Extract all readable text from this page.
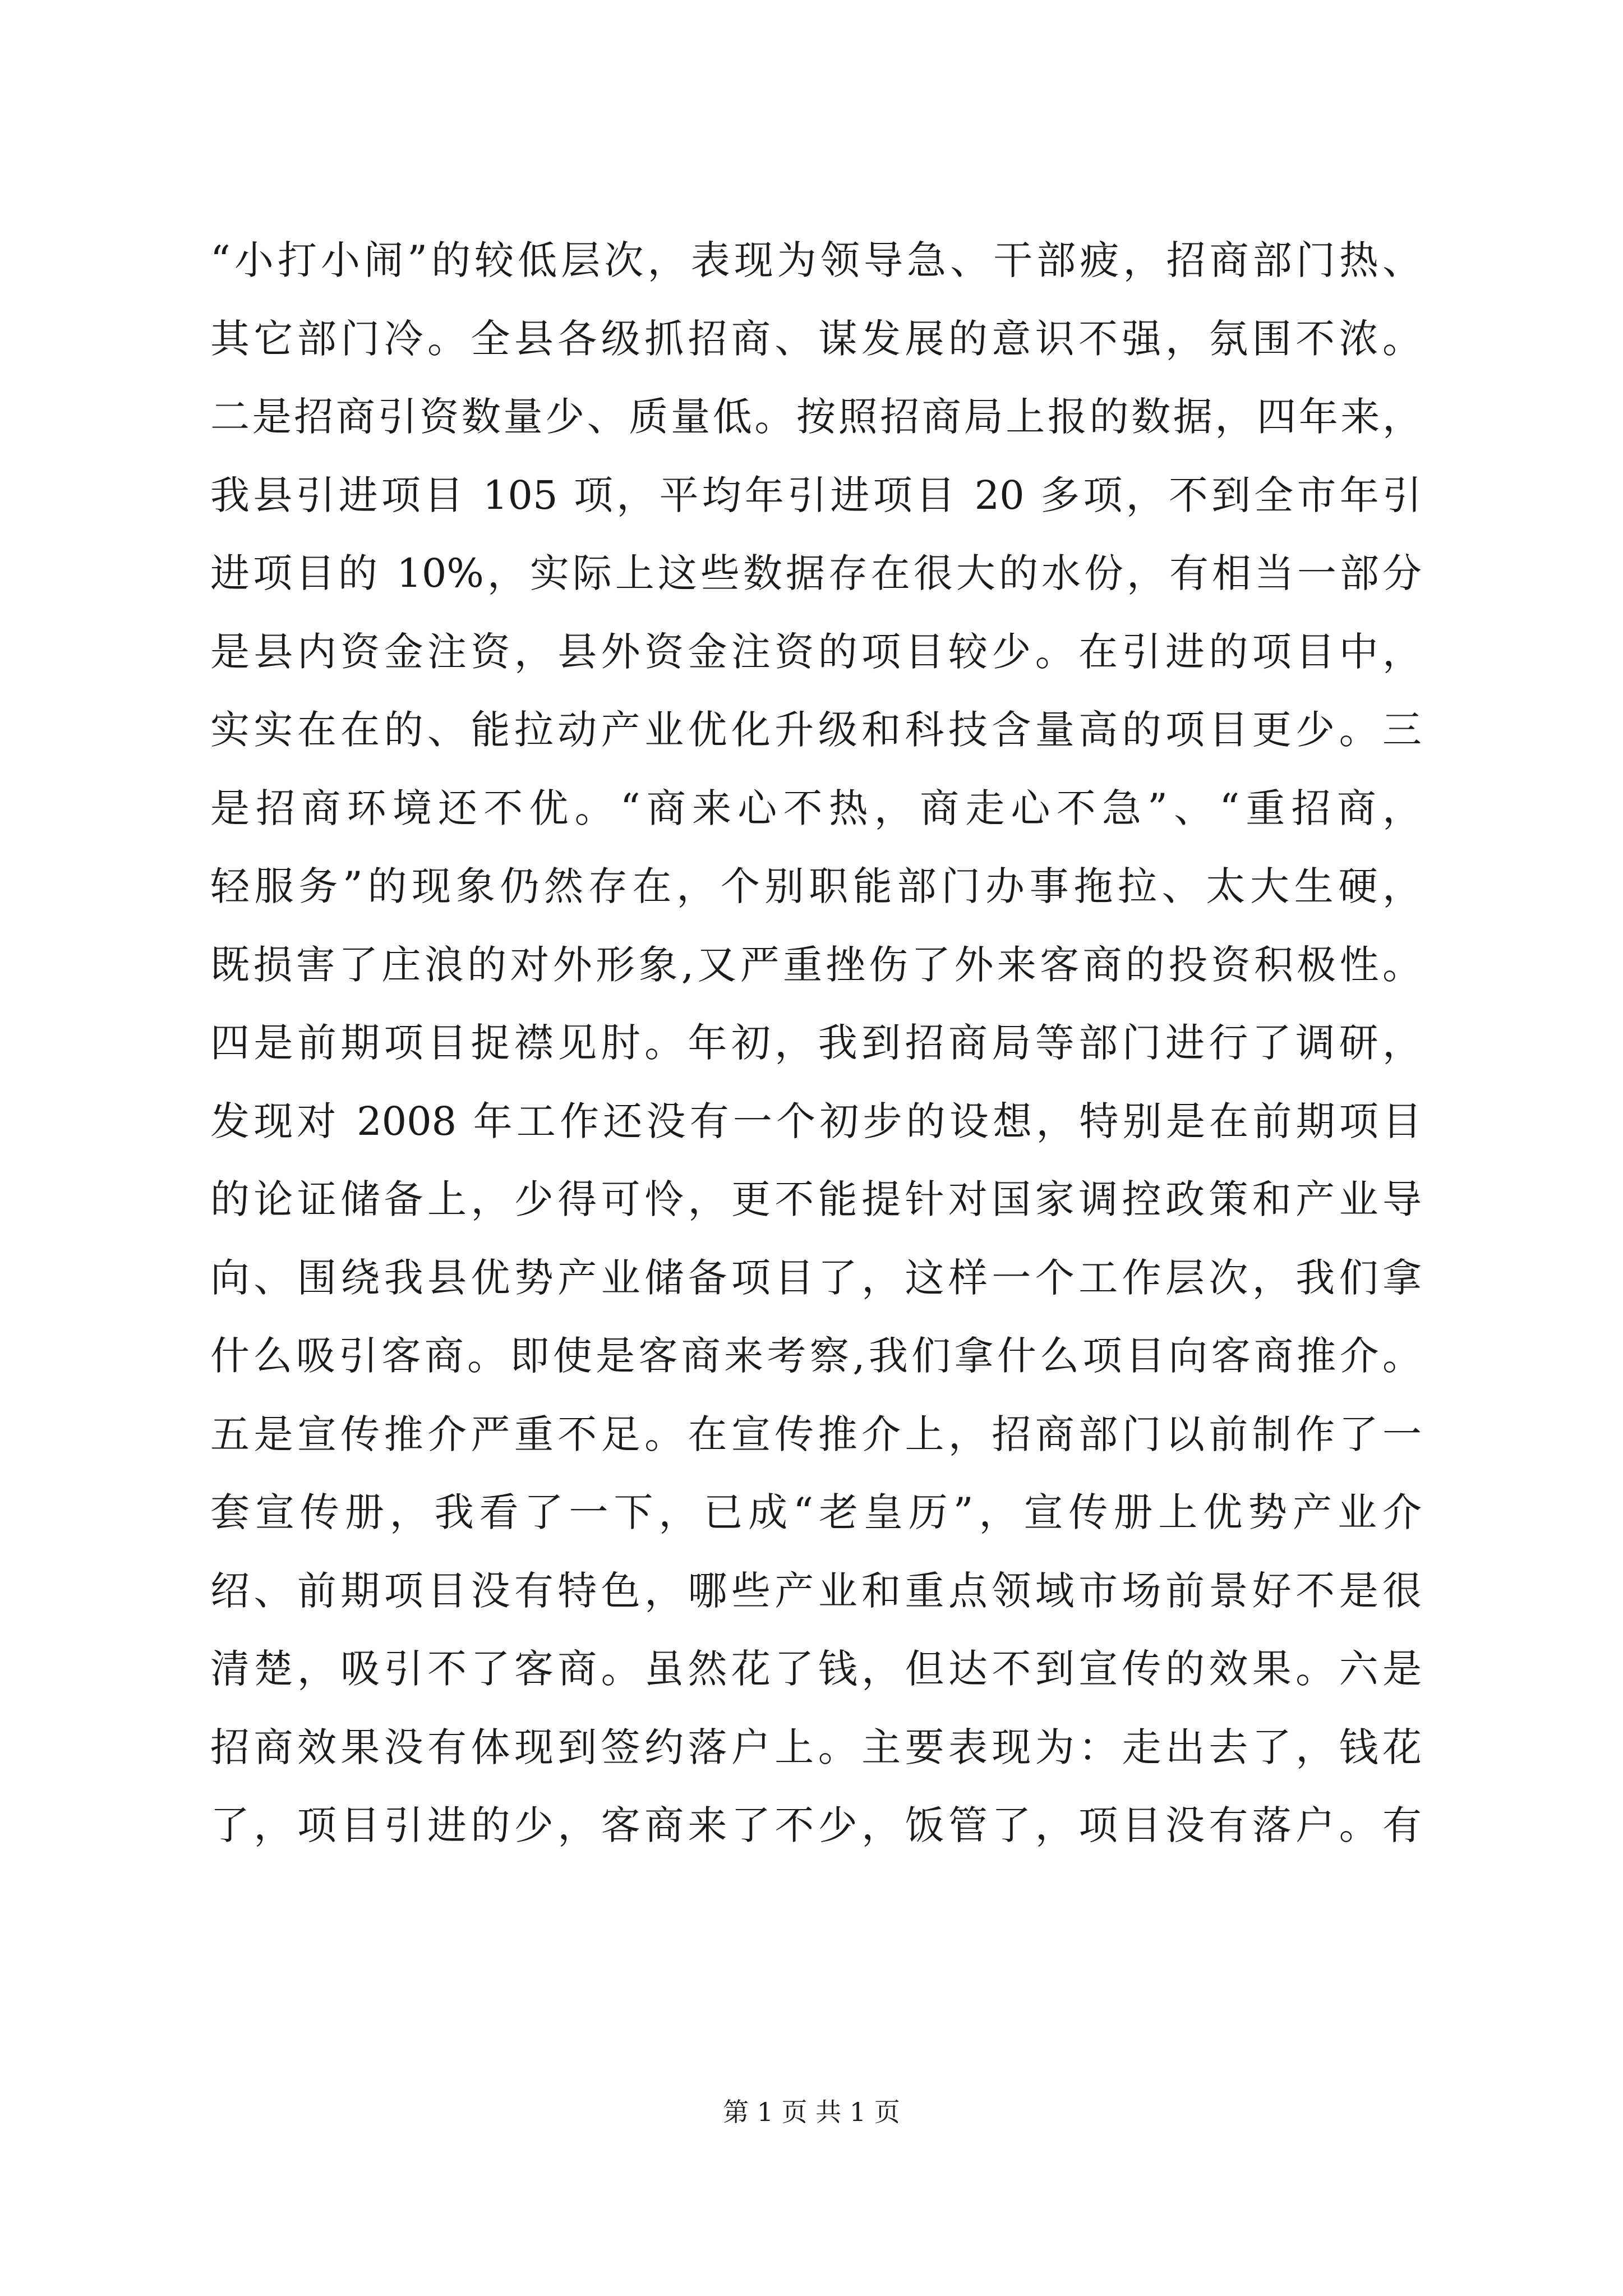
“小打小闹”的较低层次，表现为领导急、干部疲，招商部门热、
其它部门冷。全县各级抓招商、谋发展的意识不强，氛围不浓。
二是招商引资数量少、质量低。按照招商局上报的数据，四年来，
我县引进项目 105 项，平均年引进项目 20 多项，不到全市年引
进项目的 10%，实际上这些数据存在很大的水份，有相当一部分
是县内资金注资，县外资金注资的项目较少。在引进的项目中，
实实在在的、能拉动产业优化升级和科技含量高的项目更少。三
是招商环境还不优。“商来心不热，商走心不急”、“重招商，
轻服务”的现象仍然存在，个别职能部门办事拖拉、太大生硬，
既损害了庄浪的对外形象,又严重挫伤了外来客商的投资积极性。
四是前期项目捉襟见肘。年初，我到招商局等部门进行了调研，
发现对 2008 年工作还没有一个初步的设想，特别是在前期项目
的论证储备上，少得可怜，更不能提针对国家调控政策和产业导
向、围绕我县优势产业储备项目了，这样一个工作层次，我们拿
什么吸引客商。即使是客商来考察,我们拿什么项目向客商推介。
五是宣传推介严重不足。在宣传推介上，招商部门以前制作了一
套宣传册，我看了一下，已成“老皇历”，宣传册上优势产业介
绍、前期项目没有特色，哪些产业和重点领域市场前景好不是很
清楚，吸引不了客商。虽然花了钱，但达不到宣传的效果。六是
招商效果没有体现到签约落户上。主要表现为：走出去了，钱花
了，项目引进的少，客商来了不少，饭管了，项目没有落户。有
第 1 页 共 1 页
